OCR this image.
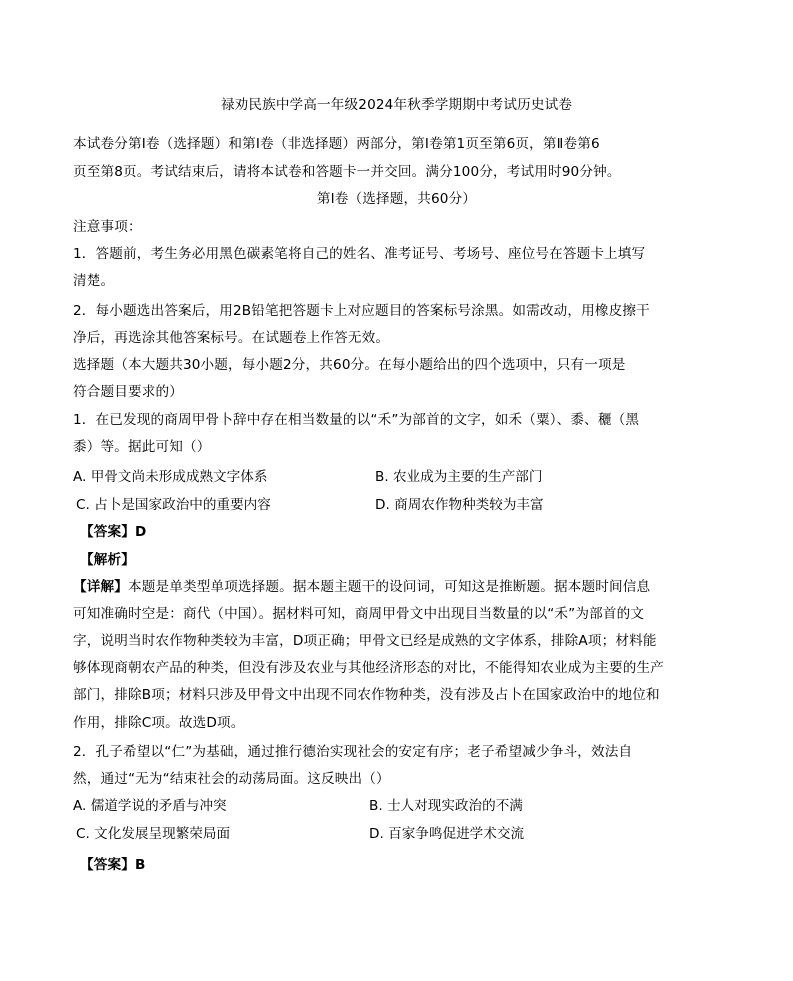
禄劝民族中学高一年级2024年秋季学期期中考试历史试卷
本试卷分第Ⅰ卷（选择题）和第Ⅰ卷（非选择题）两部分，第Ⅰ卷第1页至第6页，第Ⅱ卷第6
页至第8页。考试结束后，请将本试卷和答题卡一并交回。满分100分，考试用时90分钟。
第Ⅰ卷（选择题，共60分）
注意事项：
1．答题前，考生务必用黑色碳素笔将自己的姓名、准考证号、考场号、座位号在答题卡上填写
清楚。
2．每小题选出答案后，用2B铅笔把答题卡上对应题目的答案标号涂黑。如需改动，用橡皮擦干
净后，再选涂其他答案标号。在试题卷上作答无效。
选择题（本大题共30小题，每小题2分，共60分。在每小题给出的四个选项中，只有一项是
符合题目要求的）
1．在已发现的商周甲骨卜辞中存在相当数量的以“禾”为部首的文字，如禾（粟）、黍、穲（黑
黍）等。据此可知（）
A. 甲骨文尚未形成成熟文字体系	B. 农业成为主要的生产部门
C. 占卜是国家政治中的重要内容	D. 商周农作物种类较为丰富
【答案】D
【解析】
【详解】本题是单类型单项选择题。据本题主题干的设问词，可知这是推断题。据本题时间信息
可知准确时空是：商代（中国）。据材料可知，商周甲骨文中出现目当数量的以“禾”为部首的文
字，说明当时农作物种类较为丰富，D项正确；甲骨文已经是成熟的文字体系，排除A项；材料能
够体现商朝农产品的种类，但没有涉及农业与其他经济形态的对比，不能得知农业成为主要的生产
部门，排除B项；材料只涉及甲骨文中出现不同农作物种类，没有涉及占卜在国家政治中的地位和
作用，排除C项。故选D项。
2．孔子希望以“仁”为基础，通过推行德治实现社会的安定有序；老子希望减少争斗，效法自
然，通过“无为“结束社会的动荡局面。这反映出（）
A. 儒道学说的矛盾与冲突	B. 士人对现实政治的不满
C. 文化发展呈现繁荣局面	D. 百家争鸣促进学术交流
【答案】B
